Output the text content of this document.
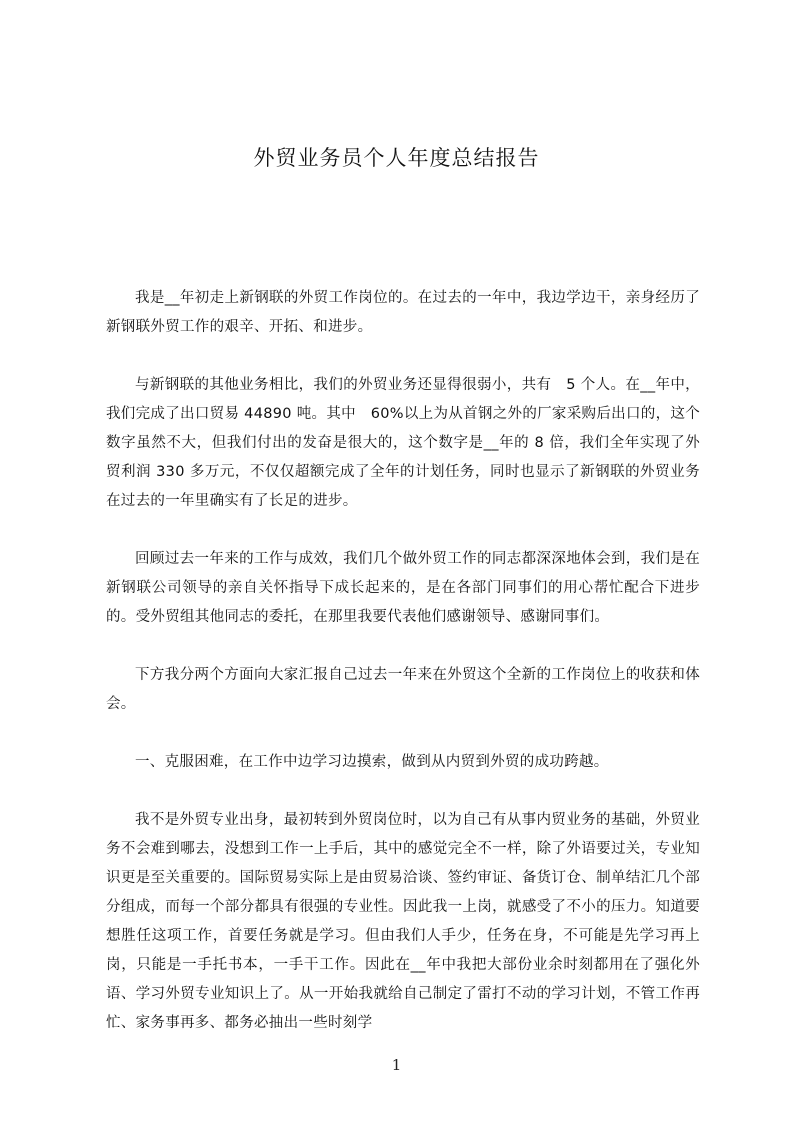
外贸业务员个人年度总结报告

我是__年初走上新钢联的外贸工作岗位的。在过去的一年中，我边学边干，亲身经历了新钢联外贸工作的艰辛、开拓、和进步。

与新钢联的其他业务相比，我们的外贸业务还显得很弱小，共有　5 个人。在__年中，我们完成了出口贸易 44890 吨。其中　60%以上为从首钢之外的厂家采购后出口的，这个数字虽然不大，但我们付出的发奋是很大的，这个数字是__年的 8 倍，我们全年实现了外贸利润 330 多万元，不仅仅超额完成了全年的计划任务，同时也显示了新钢联的外贸业务在过去的一年里确实有了长足的进步。

回顾过去一年来的工作与成效，我们几个做外贸工作的同志都深深地体会到，我们是在新钢联公司领导的亲自关怀指导下成长起来的，是在各部门同事们的用心帮忙配合下进步的。受外贸组其他同志的委托，在那里我要代表他们感谢领导、感谢同事们。

下方我分两个方面向大家汇报自己过去一年来在外贸这个全新的工作岗位上的收获和体会。

一、克服困难，在工作中边学习边摸索，做到从内贸到外贸的成功跨越。

我不是外贸专业出身，最初转到外贸岗位时，以为自己有从事内贸业务的基础，外贸业务不会难到哪去，没想到工作一上手后，其中的感觉完全不一样，除了外语要过关，专业知识更是至关重要的。国际贸易实际上是由贸易洽谈、签约审证、备货订仓、制单结汇几个部分组成，而每一个部分都具有很强的专业性。因此我一上岗，就感受了不小的压力。知道要想胜任这项工作，首要任务就是学习。但由我们人手少，任务在身，不可能是先学习再上岗，只能是一手托书本，一手干工作。因此在__年中我把大部份业余时刻都用在了强化外语、学习外贸专业知识上了。从一开始我就给自己制定了雷打不动的学习计划，不管工作再忙、家务事再多、都务必抽出一些时刻学

1
